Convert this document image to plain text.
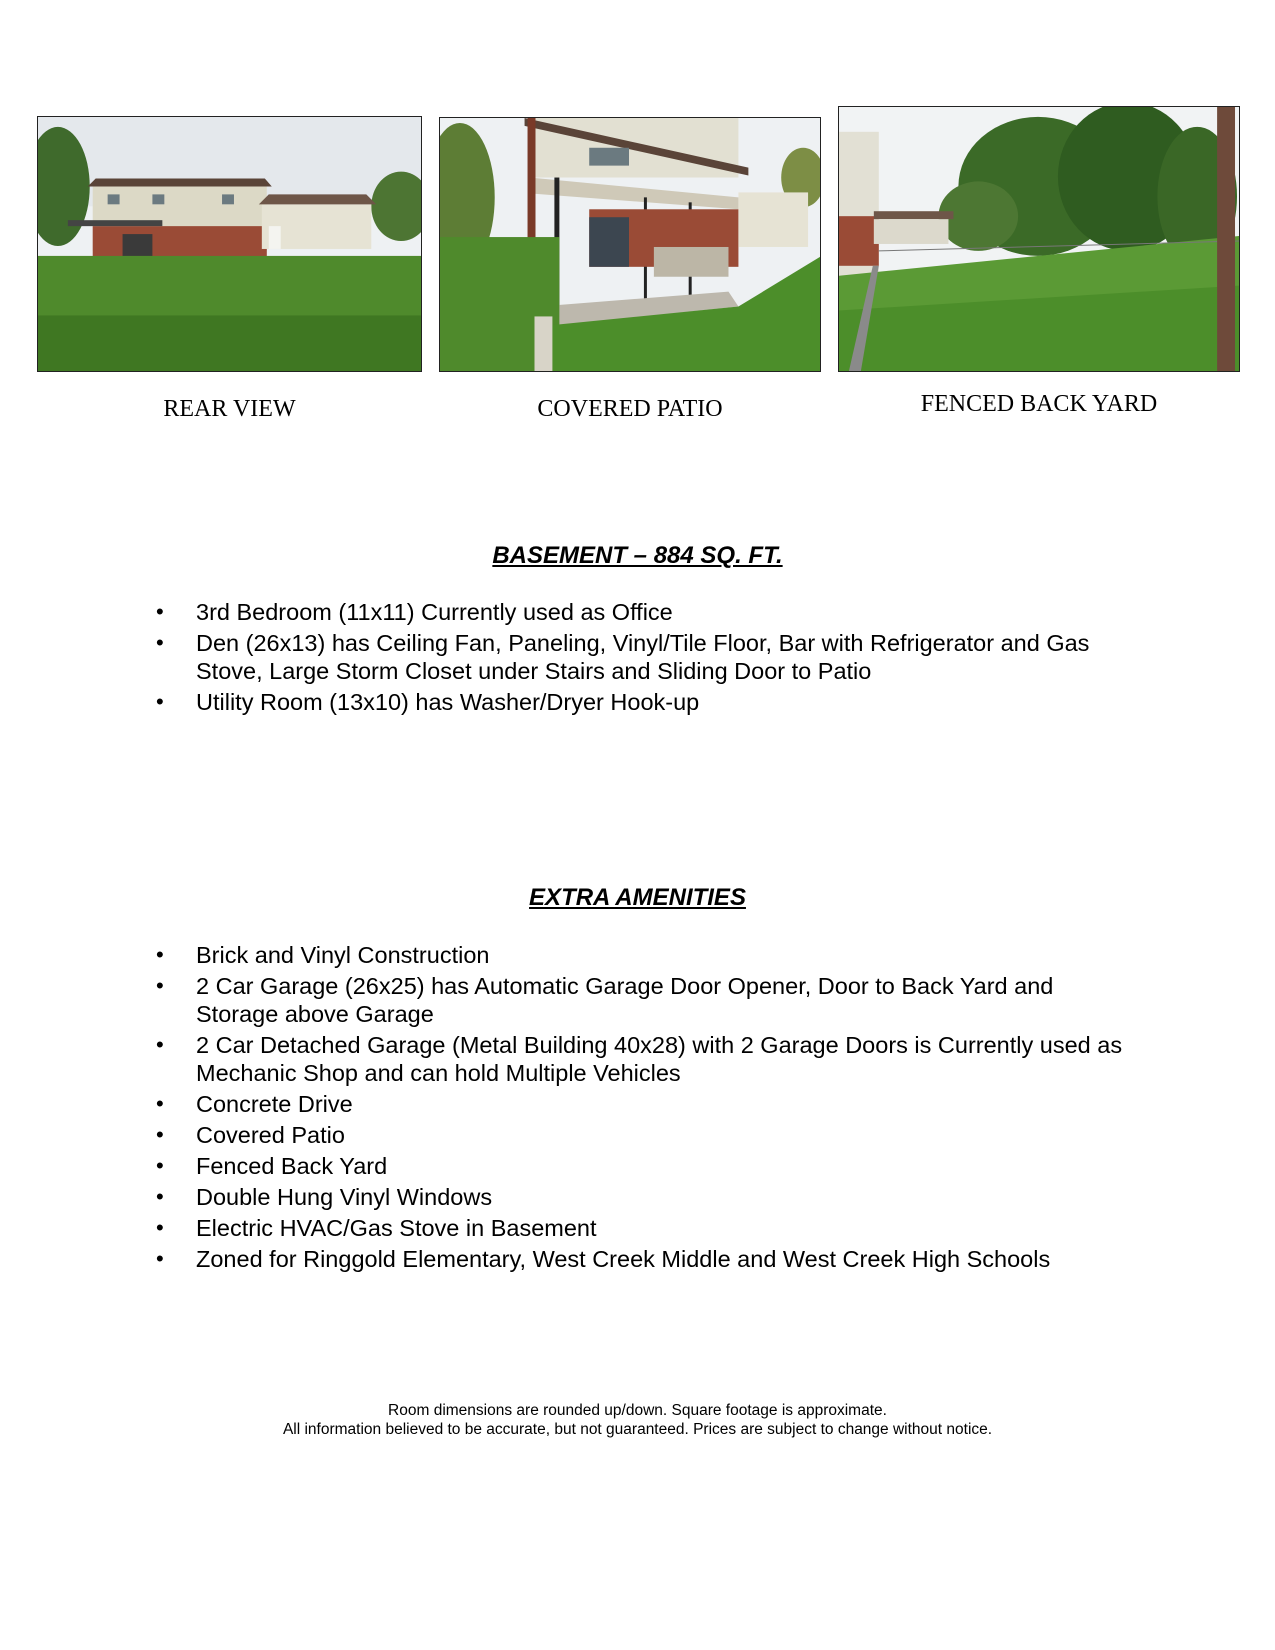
REAR VIEW	COVERED PATIO	FENCED BACK YARD
BASEMENT – 884 SQ. FT.
• 3rd Bedroom (11x11) Currently used as Office
• Den (26x13) has Ceiling Fan, Paneling, Vinyl/Tile Floor, Bar with Refrigerator and Gas Stove, Large Storm Closet under Stairs and Sliding Door to Patio
• Utility Room (13x10) has Washer/Dryer Hook-up
EXTRA AMENITIES
• Brick and Vinyl Construction
• 2 Car Garage (26x25) has Automatic Garage Door Opener, Door to Back Yard and Storage above Garage
• 2 Car Detached Garage (Metal Building 40x28) with 2 Garage Doors is Currently used as Mechanic Shop and can hold Multiple Vehicles
• Concrete Drive
• Covered Patio
• Fenced Back Yard
• Double Hung Vinyl Windows
• Electric HVAC/Gas Stove in Basement
• Zoned for Ringgold Elementary, West Creek Middle and West Creek High Schools
Room dimensions are rounded up/down. Square footage is approximate.
All information believed to be accurate, but not guaranteed. Prices are subject to change without notice.
